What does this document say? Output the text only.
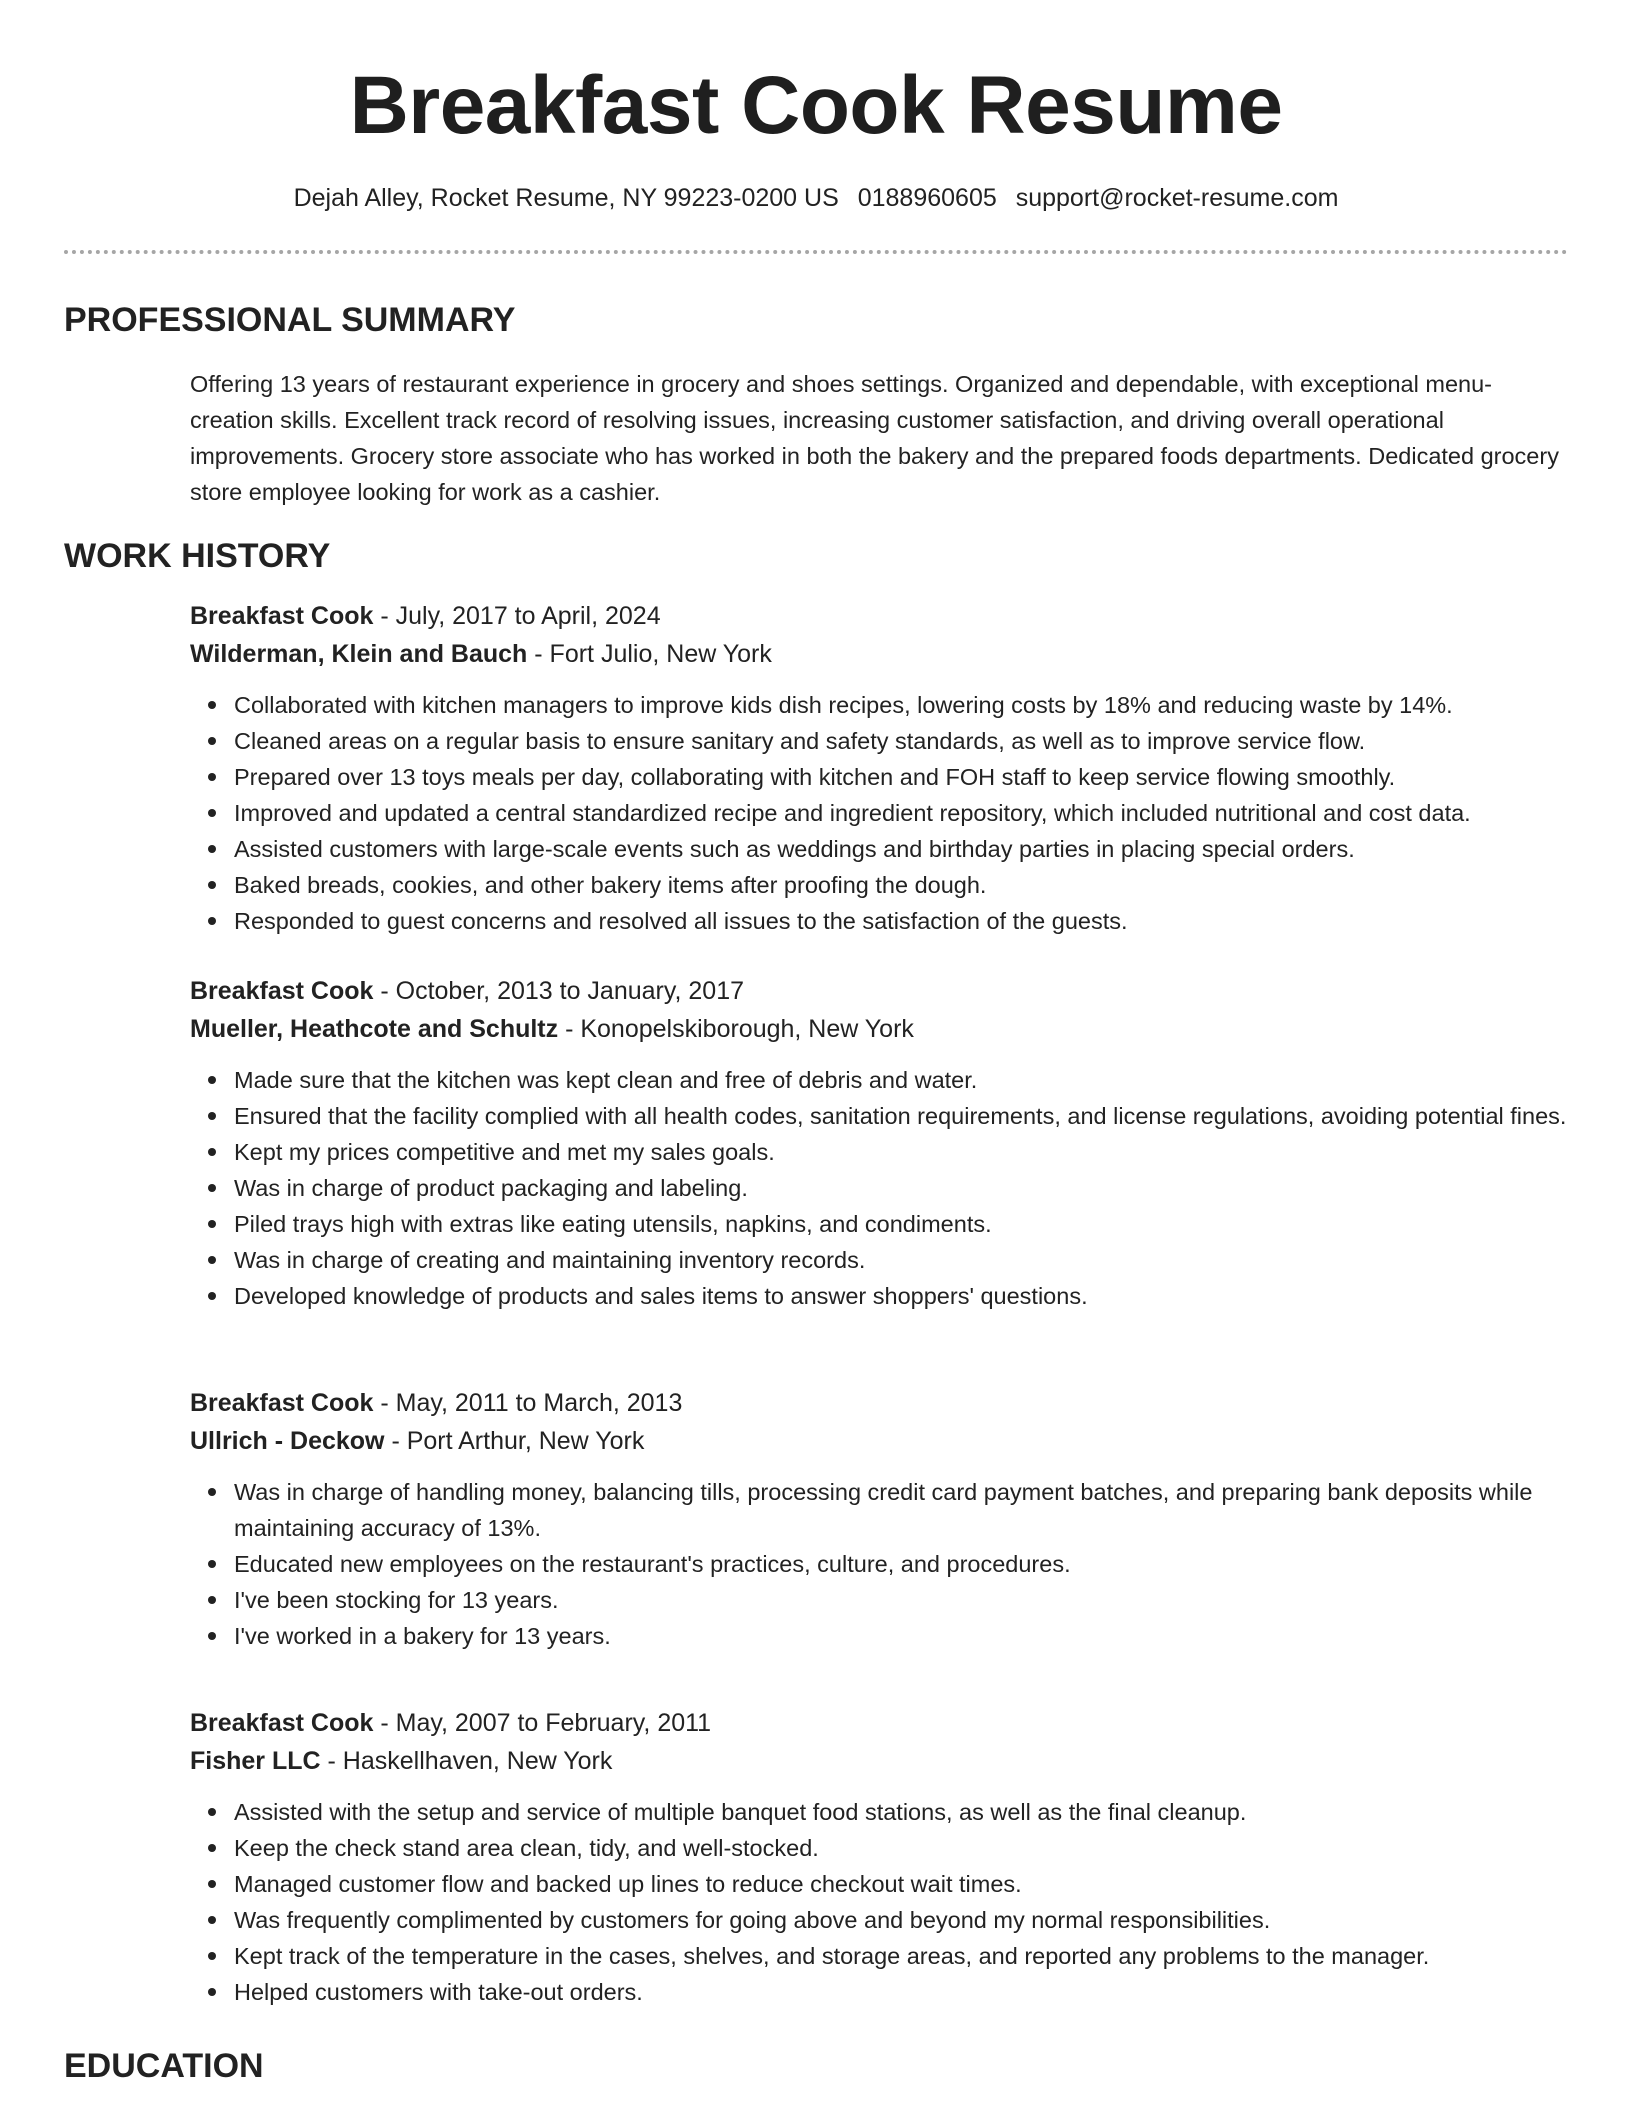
Breakfast Cook Resume
Dejah Alley, Rocket Resume, NY 99223-0200 US 0188960605 support@rocket-resume.com
PROFESSIONAL SUMMARY

Offering 13 years of restaurant experience in grocery and shoes settings. Organized and dependable, with exceptional menu-creation skills. Excellent track record of resolving issues, increasing customer satisfaction, and driving overall operational improvements. Grocery store associate who has worked in both the bakery and the prepared foods departments. Dedicated grocery store employee looking for work as a cashier.

WORK HISTORY

Breakfast Cook - July, 2017 to April, 2024

Wilderman, Klein and Bauch - Fort Julio, New York

Collaborated with kitchen managers to improve kids dish recipes, lowering costs by 18% and reducing waste by 14%.
Cleaned areas on a regular basis to ensure sanitary and safety standards, as well as to improve service flow.
Prepared over 13 toys meals per day, collaborating with kitchen and FOH staff to keep service flowing smoothly.
Improved and updated a central standardized recipe and ingredient repository, which included nutritional and cost data.
Assisted customers with large-scale events such as weddings and birthday parties in placing special orders.
Baked breads, cookies, and other bakery items after proofing the dough.
Responded to guest concerns and resolved all issues to the satisfaction of the guests.

Breakfast Cook - October, 2013 to January, 2017

Mueller, Heathcote and Schultz - Konopelskiborough, New York

Made sure that the kitchen was kept clean and free of debris and water.
Ensured that the facility complied with all health codes, sanitation requirements, and license regulations, avoiding potential fines.
Kept my prices competitive and met my sales goals.
Was in charge of product packaging and labeling.
Piled trays high with extras like eating utensils, napkins, and condiments.
Was in charge of creating and maintaining inventory records.
Developed knowledge of products and sales items to answer shoppers' questions.

Breakfast Cook - May, 2011 to March, 2013

Ullrich - Deckow - Port Arthur, New York

Was in charge of handling money, balancing tills, processing credit card payment batches, and preparing bank deposits while maintaining accuracy of 13%.
Educated new employees on the restaurant's practices, culture, and procedures.
I've been stocking for 13 years.
I've worked in a bakery for 13 years.

Breakfast Cook - May, 2007 to February, 2011

Fisher LLC - Haskellhaven, New York

Assisted with the setup and service of multiple banquet food stations, as well as the final cleanup.
Keep the check stand area clean, tidy, and well-stocked.
Managed customer flow and backed up lines to reduce checkout wait times.
Was frequently complimented by customers for going above and beyond my normal responsibilities.
Kept track of the temperature in the cases, shelves, and storage areas, and reported any problems to the manager.
Helped customers with take-out orders.
EDUCATION
